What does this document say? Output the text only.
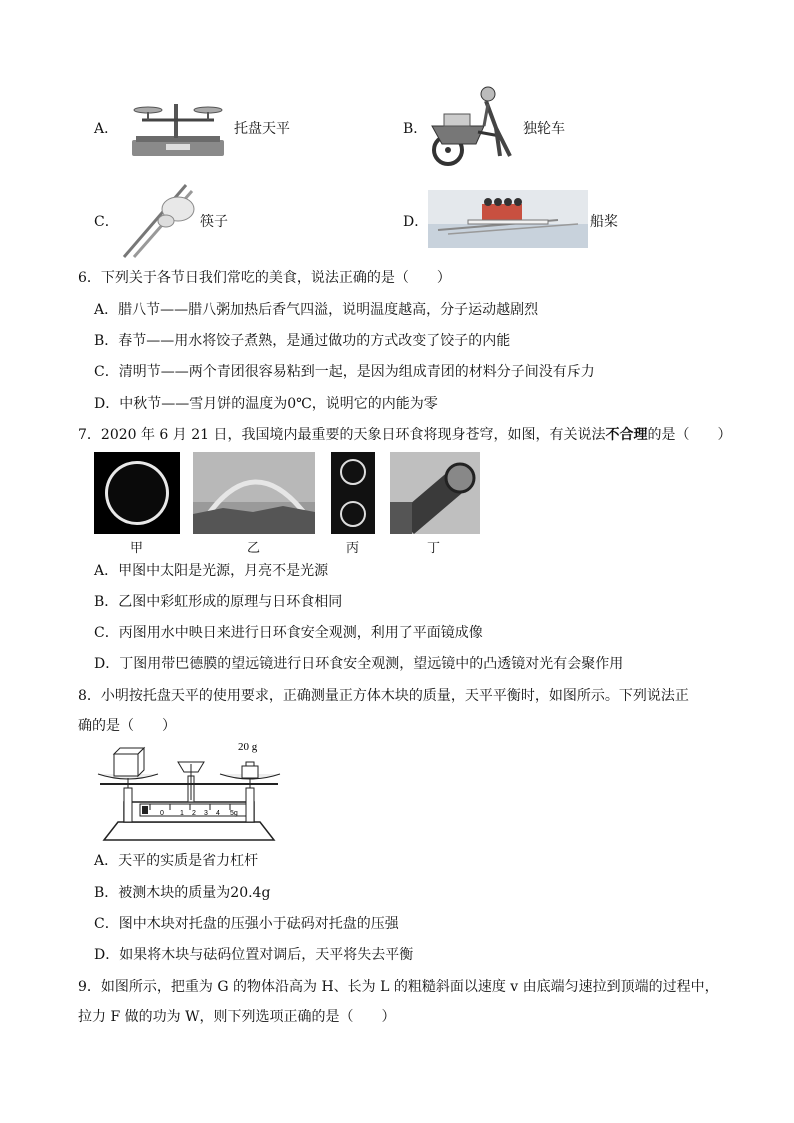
A．	托盘天平	B．	独轮车
C．	筷子	D．	船桨
6．下列关于各节日我们常吃的美食，说法正确的是（　　）
A．腊八节——腊八粥加热后香气四溢，说明温度越高，分子运动越剧烈
B．春节——用水将饺子煮熟，是通过做功的方式改变了饺子的内能
C．清明节——两个青团很容易粘到一起，是因为组成青团的材料分子间没有斥力
D．中秋节——雪月饼的温度为0℃，说明它的内能为零
7．2020 年 6 月 21 日，我国境内最重要的天象日环食将现身苍穹，如图，有关说法不合理的是（　　）
甲	乙	丙	丁
A．甲图中太阳是光源，月亮不是光源
B．乙图中彩虹形成的原理与日环食相同
C．丙图用水中映日来进行日环食安全观测，利用了平面镜成像
D．丁图用带巴德膜的望远镜进行日环食安全观测，望远镜中的凸透镜对光有会聚作用
8．小明按托盘天平的使用要求，正确测量正方体木块的质量，天平平衡时，如图所示。下列说法正
确的是（　　）
20 g
0 1 2 3 4 5g
A．天平的实质是省力杠杆
B．被测木块的质量为20.4g
C．图中木块对托盘的压强小于砝码对托盘的压强
D．如果将木块与砝码位置对调后，天平将失去平衡
9．如图所示，把重为 G 的物体沿高为 H、长为 L 的粗糙斜面以速度 v 由底端匀速拉到顶端的过程中，
拉力 F 做的功为 W，则下列选项正确的是（　　）
